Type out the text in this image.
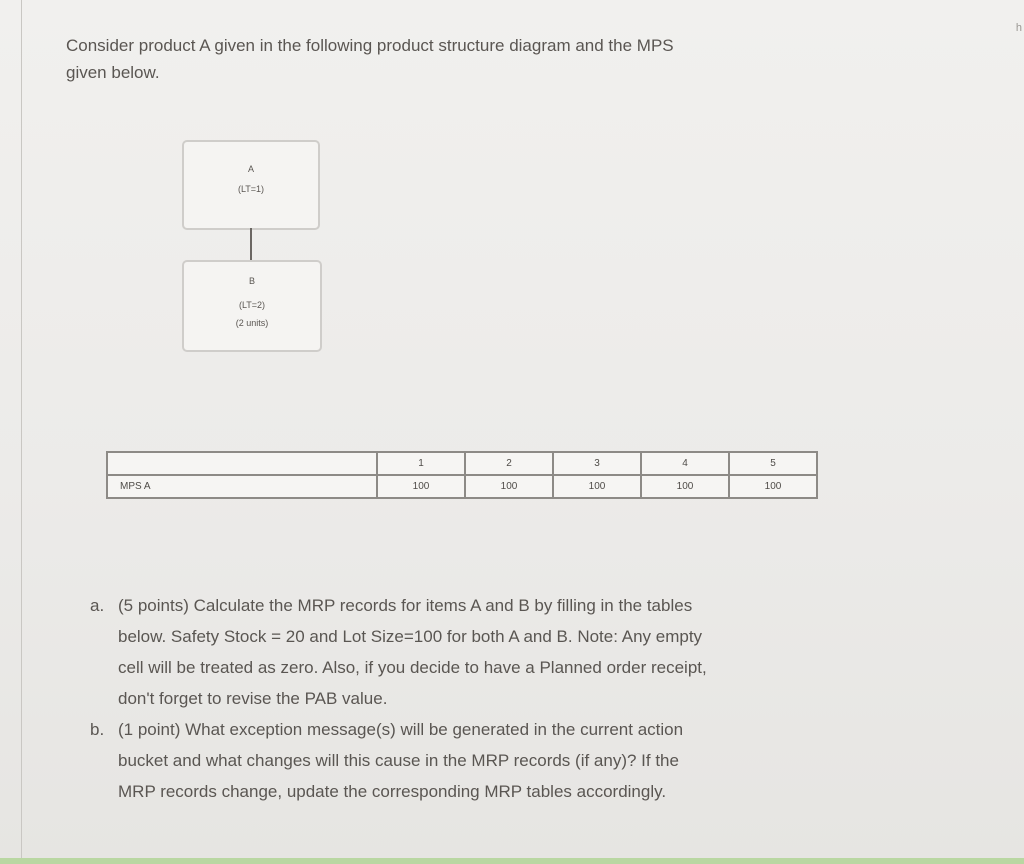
h

Consider product A given in the following product structure diagram and the MPS
given below.

A
(LT=1)
B
(LT=2)
(2 units)
	1	2	3	4	5
MPS A	100	100	100	100	100
a. (5 points) Calculate the MRP records for items A and B by filling in the tables
below. Safety Stock = 20 and Lot Size=100 for both A and B. Note: Any empty
cell will be treated as zero. Also, if you decide to have a Planned order receipt,
don't forget to revise the PAB value.
b. (1 point) What exception message(s) will be generated in the current action
bucket and what changes will this cause in the MRP records (if any)? If the
MRP records change, update the corresponding MRP tables accordingly.
